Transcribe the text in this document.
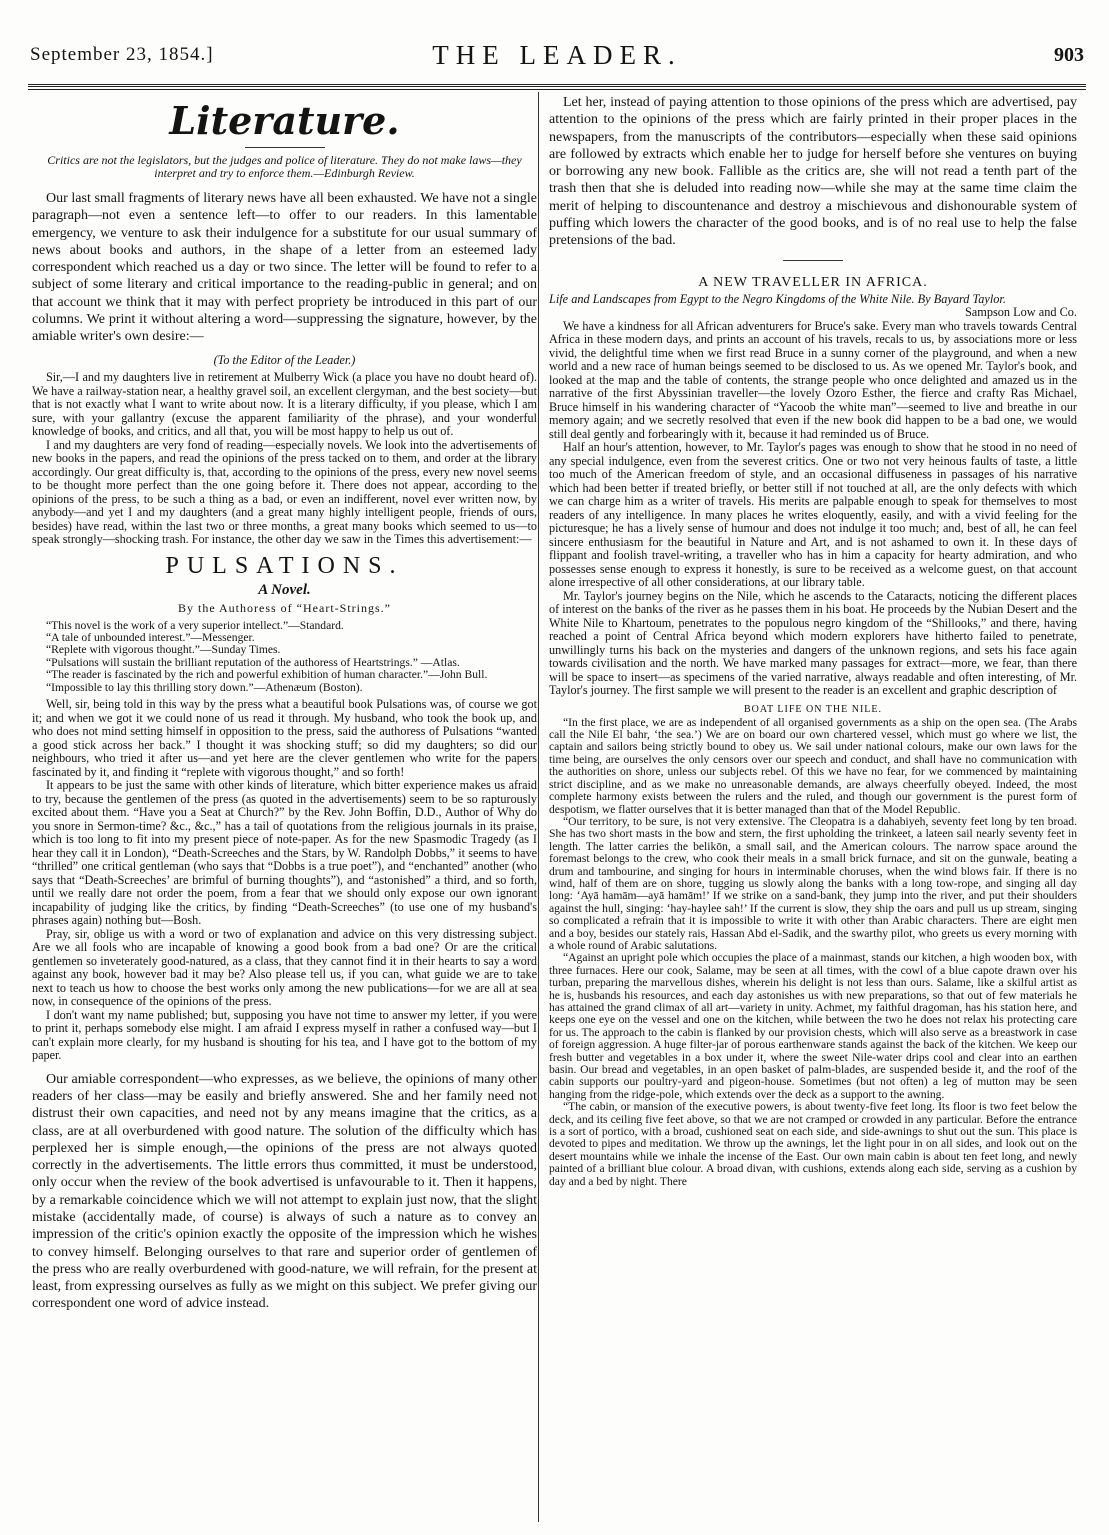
September 23, 1854.]	THE LEADER.	903
Literature.
Critics are not the legislators, but the judges and police of literature. They do not make laws—they interpret and try to enforce them.—Edinburgh Review.

Our last small fragments of literary news have all been exhausted. We have not a single paragraph—not even a sentence left—to offer to our readers. In this lamentable emergency, we venture to ask their indulgence for a substitute for our usual summary of news about books and authors, in the shape of a letter from an esteemed lady correspondent which reached us a day or two since. The letter will be found to refer to a subject of some literary and critical importance to the reading-public in general; and on that account we think that it may with perfect propriety be introduced in this part of our columns. We print it without altering a word—suppressing the signature, however, by the amiable writer's own desire:—

(To the Editor of the Leader.)

Sir,—I and my daughters live in retirement at Mulberry Wick (a place you have no doubt heard of). We have a railway-station near, a healthy gravel soil, an excellent clergyman, and the best society—but that is not exactly what I want to write about now. It is a literary difficulty, if you please, which I am sure, with your gallantry (excuse the apparent familiarity of the phrase), and your wonderful knowledge of books, and critics, and all that, you will be most happy to help us out of.

I and my daughters are very fond of reading—especially novels. We look into the advertisements of new books in the papers, and read the opinions of the press tacked on to them, and order at the library accordingly. Our great difficulty is, that, according to the opinions of the press, every new novel seems to be thought more perfect than the one going before it. There does not appear, according to the opinions of the press, to be such a thing as a bad, or even an indifferent, novel ever written now, by anybody—and yet I and my daughters (and a great many highly intelligent people, friends of ours, besides) have read, within the last two or three months, a great many books which seemed to us—to speak strongly—shocking trash. For instance, the other day we saw in the Times this advertisement:—

PULSATIONS.
A Novel.
By the Authoress of “Heart-Strings.”

“This novel is the work of a very superior intellect.”—Standard.

“A tale of unbounded interest.”—Messenger.

“Replete with vigorous thought.”—Sunday Times.

“Pulsations will sustain the brilliant reputation of the authoress of Heartstrings.” —Atlas.

“The reader is fascinated by the rich and powerful exhibition of human character.”—John Bull.

“Impossible to lay this thrilling story down.”—Athenæum (Boston).

Well, sir, being told in this way by the press what a beautiful book Pulsations was, of course we got it; and when we got it we could none of us read it through. My husband, who took the book up, and who does not mind setting himself in opposition to the press, said the authoress of Pulsations “wanted a good stick across her back.” I thought it was shocking stuff; so did my daughters; so did our neighbours, who tried it after us—and yet here are the clever gentlemen who write for the papers fascinated by it, and finding it “replete with vigorous thought,” and so forth!

It appears to be just the same with other kinds of literature, which bitter experience makes us afraid to try, because the gentlemen of the press (as quoted in the advertisements) seem to be so rapturously excited about them. “Have you a Seat at Church?” by the Rev. John Boffin, D.D., Author of Why do you snore in Sermon-time? &c., &c.,” has a tail of quotations from the religious journals in its praise, which is too long to fit into my present piece of note-paper. As for the new Spasmodic Tragedy (as I hear they call it in London), “Death-Screeches and the Stars, by W. Randolph Dobbs,” it seems to have “thrilled” one critical gentleman (who says that “Dobbs is a true poet”), and “enchanted” another (who says that “Death-Screeches’ are brimful of burning thoughts”), and “astonished” a third, and so forth, until we really dare not order the poem, from a fear that we should only expose our own ignorant incapability of judging like the critics, by finding “Death-Screeches” (to use one of my husband's phrases again) nothing but—Bosh.

Pray, sir, oblige us with a word or two of explanation and advice on this very distressing subject. Are we all fools who are incapable of knowing a good book from a bad one? Or are the critical gentlemen so inveterately good-natured, as a class, that they cannot find it in their hearts to say a word against any book, however bad it may be? Also please tell us, if you can, what guide we are to take next to teach us how to choose the best works only among the new publications—for we are all at sea now, in consequence of the opinions of the press.

I don't want my name published; but, supposing you have not time to answer my letter, if you were to print it, perhaps somebody else might. I am afraid I express myself in rather a confused way—but I can't explain more clearly, for my husband is shouting for his tea, and I have got to the bottom of my paper.

Our amiable correspondent—who expresses, as we believe, the opinions of many other readers of her class—may be easily and briefly answered. She and her family need not distrust their own capacities, and need not by any means imagine that the critics, as a class, are at all overburdened with good nature. The solution of the difficulty which has perplexed her is simple enough,—the opinions of the press are not always quoted correctly in the advertisements. The little errors thus committed, it must be understood, only occur when the review of the book advertised is unfavourable to it. Then it happens, by a remarkable coincidence which we will not attempt to explain just now, that the slight mistake (accidentally made, of course) is always of such a nature as to convey an impression of the critic's opinion exactly the opposite of the impression which he wishes to convey himself. Belonging ourselves to that rare and superior order of gentlemen of the press who are really overburdened with good-nature, we will refrain, for the present at least, from expressing ourselves as fully as we might on this subject. We prefer giving our correspondent one word of advice instead.

Let her, instead of paying attention to those opinions of the press which are advertised, pay attention to the opinions of the press which are fairly printed in their proper places in the newspapers, from the manuscripts of the contributors—especially when these said opinions are followed by extracts which enable her to judge for herself before she ventures on buying or borrowing any new book. Fallible as the critics are, she will not read a tenth part of the trash then that she is deluded into reading now—while she may at the same time claim the merit of helping to discountenance and destroy a mischievous and dishonourable system of puffing which lowers the character of the good books, and is of no real use to help the false pretensions of the bad.

A NEW TRAVELLER IN AFRICA.
Life and Landscapes from Egypt to the Negro Kingdoms of the White Nile. By Bayard Taylor.
Sampson Low and Co.

We have a kindness for all African adventurers for Bruce's sake. Every man who travels towards Central Africa in these modern days, and prints an account of his travels, recals to us, by associations more or less vivid, the delightful time when we first read Bruce in a sunny corner of the playground, and when a new world and a new race of human beings seemed to be disclosed to us. As we opened Mr. Taylor's book, and looked at the map and the table of contents, the strange people who once delighted and amazed us in the narrative of the first Abyssinian traveller—the lovely Ozoro Esther, the fierce and crafty Ras Michael, Bruce himself in his wandering character of “Yacoob the white man”—seemed to live and breathe in our memory again; and we secretly resolved that even if the new book did happen to be a bad one, we would still deal gently and forbearingly with it, because it had reminded us of Bruce.

Half an hour's attention, however, to Mr. Taylor's pages was enough to show that he stood in no need of any special indulgence, even from the severest critics. One or two not very heinous faults of taste, a little too much of the American freedom of style, and an occasional diffuseness in passages of his narrative which had been better if treated briefly, or better still if not touched at all, are the only defects with which we can charge him as a writer of travels. His merits are palpable enough to speak for themselves to most readers of any intelligence. In many places he writes eloquently, easily, and with a vivid feeling for the picturesque; he has a lively sense of humour and does not indulge it too much; and, best of all, he can feel sincere enthusiasm for the beautiful in Nature and Art, and is not ashamed to own it. In these days of flippant and foolish travel-writing, a traveller who has in him a capacity for hearty admiration, and who possesses sense enough to express it honestly, is sure to be received as a welcome guest, on that account alone irrespective of all other considerations, at our library table.

Mr. Taylor's journey begins on the Nile, which he ascends to the Cataracts, noticing the different places of interest on the banks of the river as he passes them in his boat. He proceeds by the Nubian Desert and the White Nile to Khartoum, penetrates to the populous negro kingdom of the “Shillooks,” and there, having reached a point of Central Africa beyond which modern explorers have hitherto failed to penetrate, unwillingly turns his back on the mysteries and dangers of the unknown regions, and sets his face again towards civilisation and the north. We have marked many passages for extract—more, we fear, than there will be space to insert—as specimens of the varied narrative, always readable and often interesting, of Mr. Taylor's journey. The first sample we will present to the reader is an excellent and graphic description of

BOAT LIFE ON THE NILE.

“In the first place, we are as independent of all organised governments as a ship on the open sea. (The Arabs call the Nile El bahr, ‘the sea.’) We are on board our own chartered vessel, which must go where we list, the captain and sailors being strictly bound to obey us. We sail under national colours, make our own laws for the time being, are ourselves the only censors over our speech and conduct, and shall have no communication with the authorities on shore, unless our subjects rebel. Of this we have no fear, for we commenced by maintaining strict discipline, and as we make no unreasonable demands, are always cheerfully obeyed. Indeed, the most complete harmony exists between the rulers and the ruled, and though our government is the purest form of despotism, we flatter ourselves that it is better managed than that of the Model Republic.

“Our territory, to be sure, is not very extensive. The Cleopatra is a dahabiyeh, seventy feet long by ten broad. She has two short masts in the bow and stern, the first upholding the trinkeet, a lateen sail nearly seventy feet in length. The latter carries the belikōn, a small sail, and the American colours. The narrow space around the foremast belongs to the crew, who cook their meals in a small brick furnace, and sit on the gunwale, beating a drum and tambourine, and singing for hours in interminable choruses, when the wind blows fair. If there is no wind, half of them are on shore, tugging us slowly along the banks with a long tow-rope, and singing all day long: ‘Ayā hamām—ayā hamām!’ If we strike on a sand-bank, they jump into the river, and put their shoulders against the hull, singing: ‘hay-haylee sah!’ If the current is slow, they ship the oars and pull us up stream, singing so complicated a refrain that it is impossible to write it with other than Arabic characters. There are eight men and a boy, besides our stately rais, Hassan Abd el-Sadik, and the swarthy pilot, who greets us every morning with a whole round of Arabic salutations.

“Against an upright pole which occupies the place of a mainmast, stands our kitchen, a high wooden box, with three furnaces. Here our cook, Salame, may be seen at all times, with the cowl of a blue capote drawn over his turban, preparing the marvellous dishes, wherein his delight is not less than ours. Salame, like a skilful artist as he is, husbands his resources, and each day astonishes us with new preparations, so that out of few materials he has attained the grand climax of all art—variety in unity. Achmet, my faithful dragoman, has his station here, and keeps one eye on the vessel and one on the kitchen, while between the two he does not relax his protecting care for us. The approach to the cabin is flanked by our provision chests, which will also serve as a breastwork in case of foreign aggression. A huge filter-jar of porous earthenware stands against the back of the kitchen. We keep our fresh butter and vegetables in a box under it, where the sweet Nile-water drips cool and clear into an earthen basin. Our bread and vegetables, in an open basket of palm-blades, are suspended beside it, and the roof of the cabin supports our poultry-yard and pigeon-house. Sometimes (but not often) a leg of mutton may be seen hanging from the ridge-pole, which extends over the deck as a support to the awning.

“The cabin, or mansion of the executive powers, is about twenty-five feet long. Its floor is two feet below the deck, and its ceiling five feet above, so that we are not cramped or crowded in any particular. Before the entrance is a sort of portico, with a broad, cushioned seat on each side, and side-awnings to shut out the sun. This place is devoted to pipes and meditation. We throw up the awnings, let the light pour in on all sides, and look out on the desert mountains while we inhale the incense of the East. Our own main cabin is about ten feet long, and newly painted of a brilliant blue colour. A broad divan, with cushions, extends along each side, serving as a cushion by day and a bed by night. There
